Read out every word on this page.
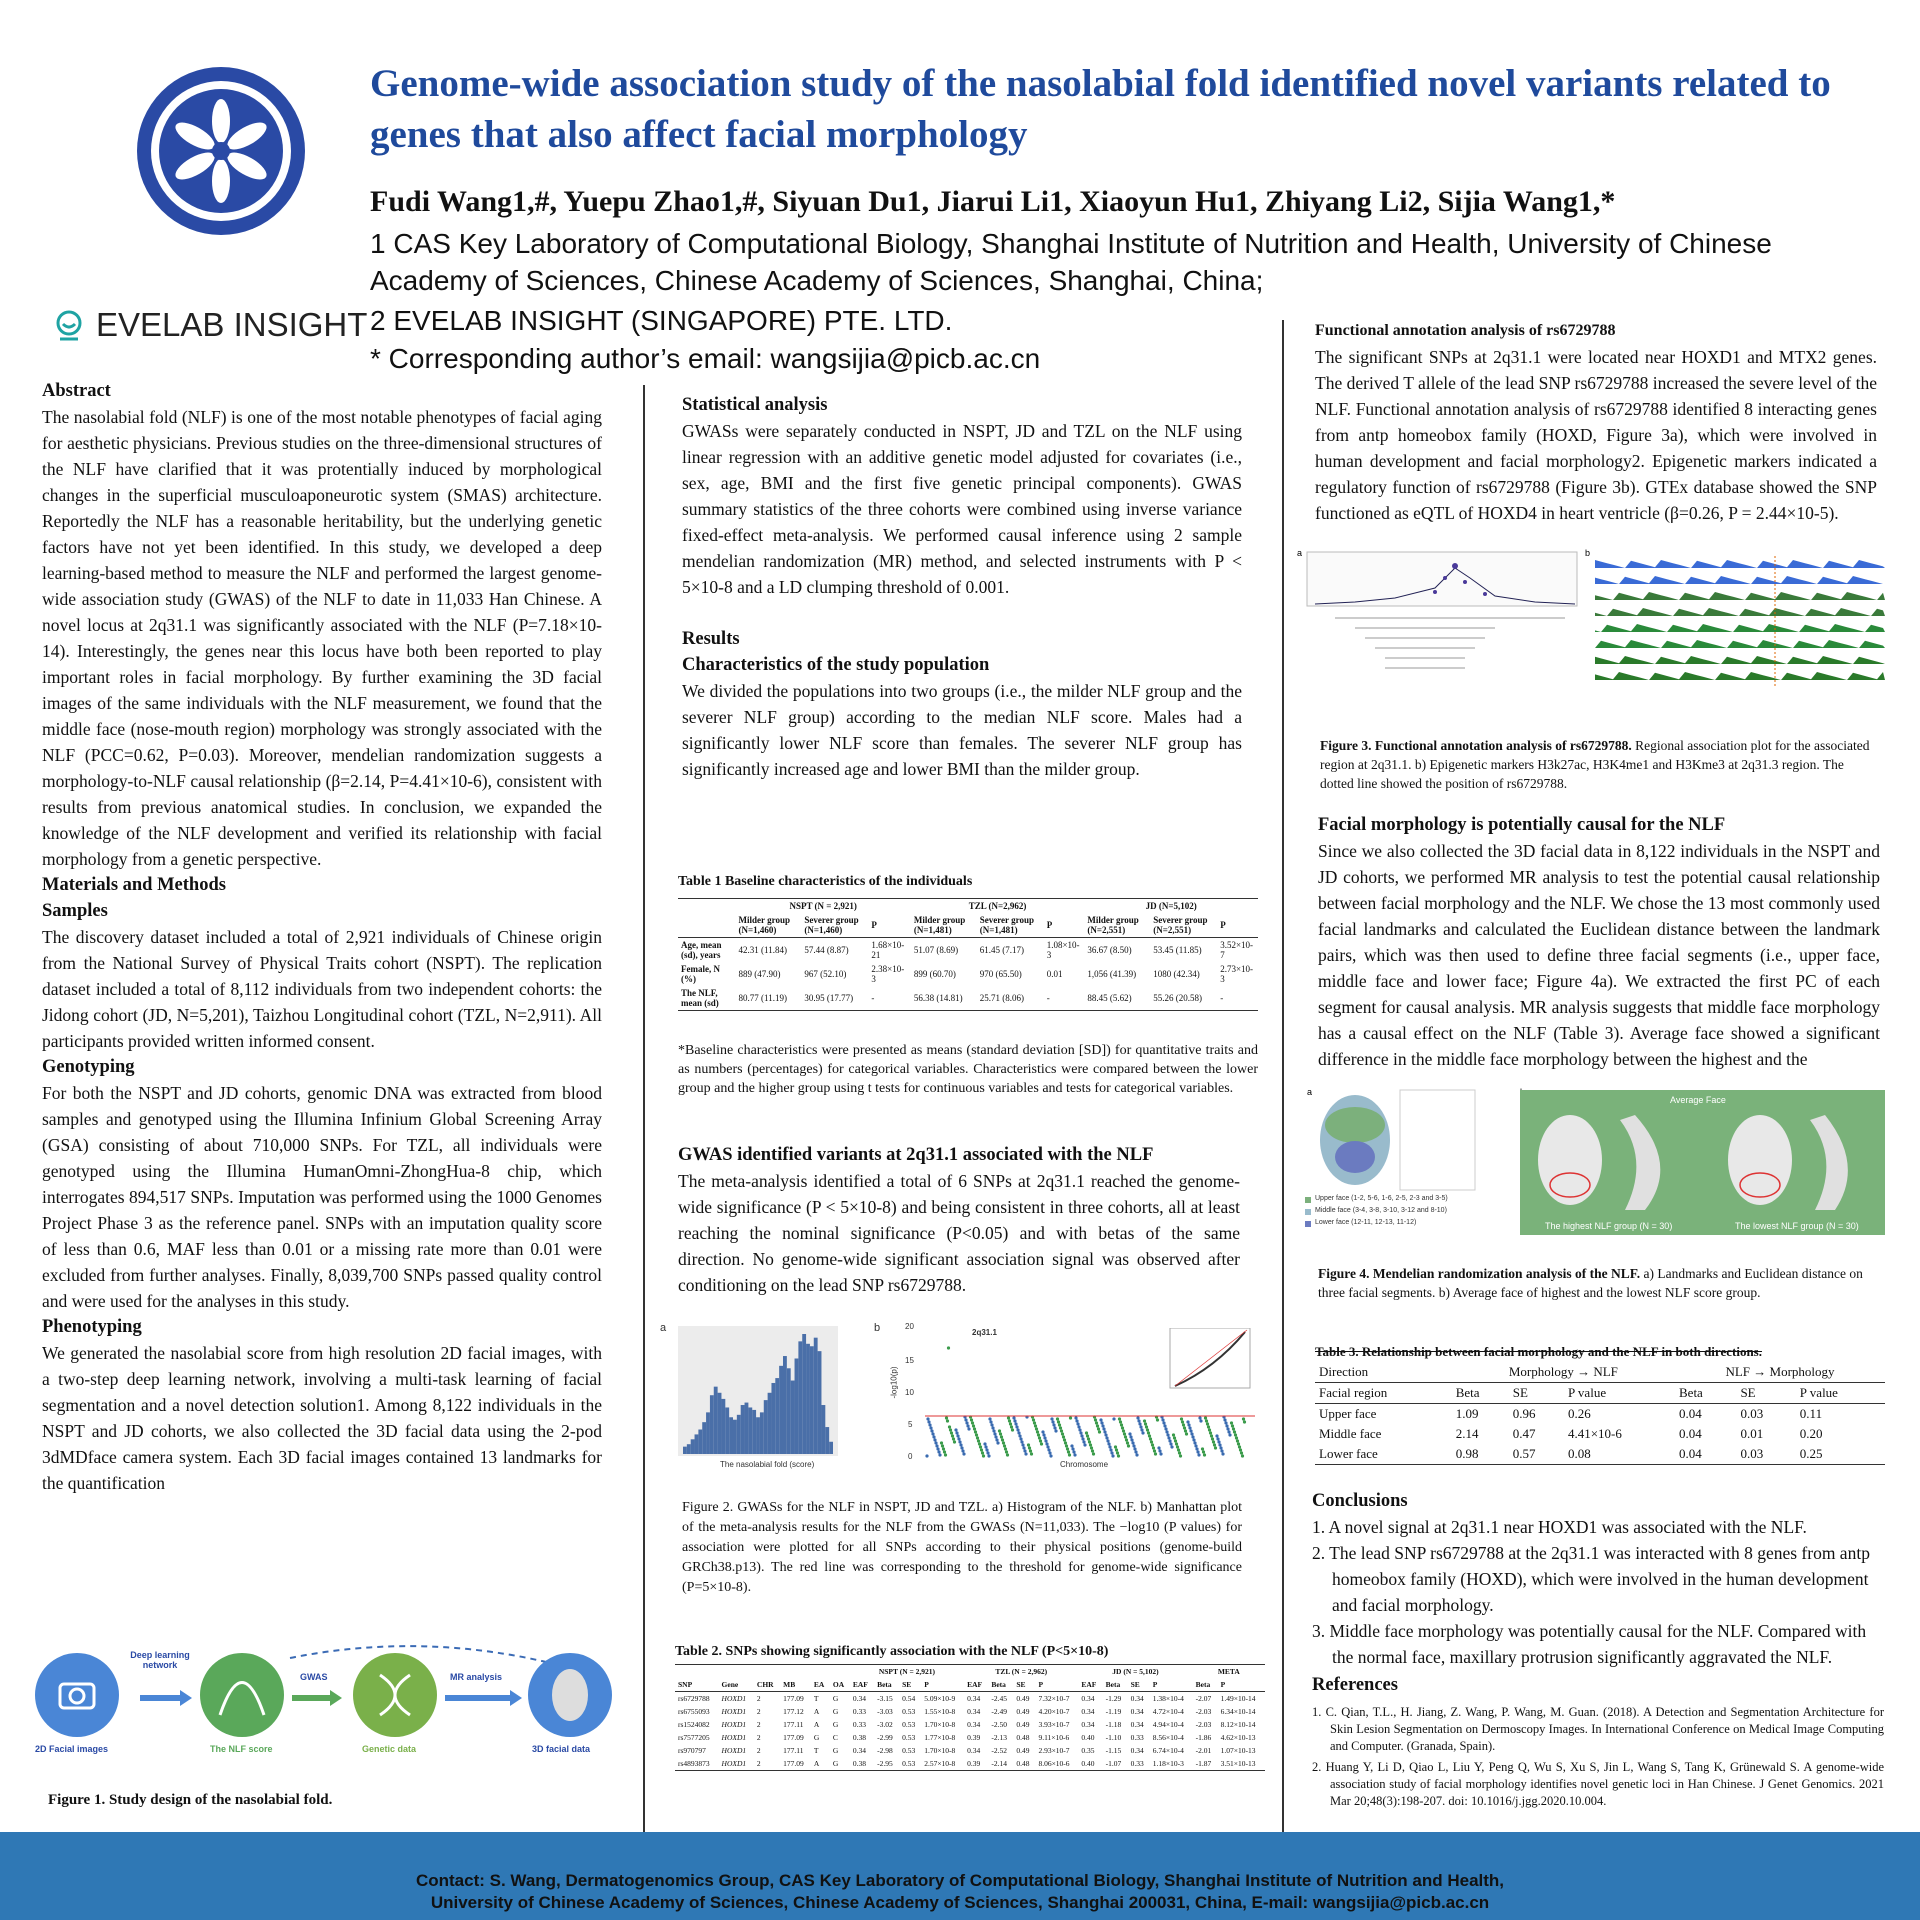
EVELAB INSIGHT
Genome-wide association study of the nasolabial fold identified novel variants related to genes that also affect facial morphology
Fudi Wang1,#, Yuepu Zhao1,#, Siyuan Du1, Jiarui Li1, Xiaoyun Hu1, Zhiyang Li2, Sijia Wang1,*
1 CAS Key Laboratory of Computational Biology, Shanghai Institute of Nutrition and Health, University of Chinese Academy of Sciences, Chinese Academy of Sciences, Shanghai, China;
2 EVELAB INSIGHT (SINGAPORE) PTE. LTD.
* Corresponding author’s email: wangsijia@picb.ac.cn

Abstract

The nasolabial fold (NLF) is one of the most notable phenotypes of facial aging for aesthetic physicians. Previous studies on the three-dimensional structures of the NLF have clarified that it was protentially induced by morphological changes in the superficial musculoaponeurotic system (SMAS) architecture. Reportedly the NLF has a reasonable heritability, but the underlying genetic factors have not yet been identified. In this study, we developed a deep learning-based method to measure the NLF and performed the largest genome-wide association study (GWAS) of the NLF to date in 11,033 Han Chinese. A novel locus at 2q31.1 was significantly associated with the NLF (P=7.18×10-14). Interestingly, the genes near this locus have both been reported to play important roles in facial morphology. By further examining the 3D facial images of the same individuals with the NLF measurement, we found that the middle face (nose-mouth region) morphology was strongly associated with the NLF (PCC=0.62, P=0.03). Moreover, mendelian randomization suggests a morphology-to-NLF causal relationship (β=2.14, P=4.41×10-6), consistent with results from previous anatomical studies. In conclusion, we expanded the knowledge of the NLF development and verified its relationship with facial morphology from a genetic perspective.

Materials and Methods

Samples

The discovery dataset included a total of 2,921 individuals of Chinese origin from the National Survey of Physical Traits cohort (NSPT). The replication dataset included a total of 8,112 individuals from two independent cohorts: the Jidong cohort (JD, N=5,201), Taizhou Longitudinal cohort (TZL, N=2,911). All participants provided written informed consent.

Genotyping

For both the NSPT and JD cohorts, genomic DNA was extracted from blood samples and genotyped using the Illumina Infinium Global Screening Array (GSA) consisting of about 710,000 SNPs. For TZL, all individuals were genotyped using the Illumina HumanOmni-ZhongHua-8 chip, which interrogates 894,517 SNPs. Imputation was performed using the 1000 Genomes Project Phase 3 as the reference panel. SNPs with an imputation quality score of less than 0.6, MAF less than 0.01 or a missing rate more than 0.01 were excluded from further analyses. Finally, 8,039,700 SNPs passed quality control and were used for the analyses in this study.

Phenotyping

We generated the nasolabial score from high resolution 2D facial images, with a two-step deep learning network, involving a multi-task learning of facial segmentation and a novel detection solution1. Among 8,122 individuals in the NSPT and JD cohorts, we also collected the 3D facial data using the 2-pod 3dMDface camera system. Each 3D facial images contained 13 landmarks for the quantification

Deep learning network
GWAS	MR analysis
2D Facial images	The NLF score	Genetic data	3D facial data
Figure 1. Study design of the nasolabial fold.

Statistical analysis

GWASs were separately conducted in NSPT, JD and TZL on the NLF using linear regression with an additive genetic model adjusted for covariates (i.e., sex, age, BMI and the first five genetic principal components). GWAS summary statistics of the three cohorts were combined using inverse variance fixed-effect meta-analysis. We performed causal inference using 2 sample mendelian randomization (MR) method, and selected instruments with P < 5×10-8 and a LD clumping threshold of 0.001.

Results

Characteristics of the study population

We divided the populations into two groups (i.e., the milder NLF group and the severer NLF group) according to the median NLF score. Males had a significantly lower NLF score than females. The severer NLF group has significantly increased age and lower BMI than the milder group.

Table 1 Baseline characteristics of the individuals
	NSPT (N = 2,921)			TZL (N=2,962)			JD (N=5,102)		
	Milder group (N=1,460)	Severer group (N=1,460)	P	Milder group (N=1,481)	Severer group (N=1,481)	P	Milder group (N=2,551)	Severer group (N=2,551)	P
Age, mean (sd), years	42.31 (11.84)	57.44 (8.87)	1.68×10-21	51.07 (8.69)	61.45 (7.17)	1.08×10-3	36.67 (8.50)	53.45 (11.85)	3.52×10-7
Female, N (%)	889 (47.90)	967 (52.10)	2.38×10-3	899 (60.70)	970 (65.50)	0.01	1,056 (41.39)	1080 (42.34)	2.73×10-3
The NLF, mean (sd)	80.77 (11.19)	30.95 (17.77)	-	56.38 (14.81)	25.71 (8.06)	-	88.45 (5.62)	55.26 (20.58)	-
*Baseline characteristics were presented as means (standard deviation [SD]) for quantitative traits and as numbers (percentages) for categorical variables. Characteristics were compared between the lower group and the higher group using t tests for continuous variables and tests for categorical variables.

GWAS identified variants at 2q31.1 associated with the NLF

The meta-analysis identified a total of 6 SNPs at 2q31.1 reached the genome-wide significance (P < 5×10-8) and being consistent in three cohorts, all at least reaching the nominal significance (P<0.05) and with betas of the same direction. No genome-wide significant association signal was observed after conditioning on the lead SNP rs6729788.

a
The nasolabial fold (score)
b	20
15
10
5
0
2q31.1
-log10(p)
Chromosome
Figure 2. GWASs for the NLF in NSPT, JD and TZL. a) Histogram of the NLF. b) Manhattan plot of the meta-analysis results for the NLF from the GWASs (N=11,033). The −log10 (P values) for association were plotted for all SNPs according to their physical positions (genome-build GRCh38.p13). The red line was corresponding to the threshold for genome-wide significance (P=5×10-8).
Table 2. SNPs showing significantly association with the NLF (P<5×10-8)
						NSPT (N = 2,921)				TZL (N = 2,962)				JD (N = 5,102)				META	
SNP	Gene	CHR	MB	EA	OA	EAF	Beta	SE	P	EAF	Beta	SE	P	EAF	Beta	SE	P	Beta	P
rs6729788	HOXD1	2	177.09	T	G	0.34	-3.15	0.54	5.09×10-9	0.34	-2.45	0.49	7.32×10-7	0.34	-1.29	0.34	1.38×10-4	-2.07	1.49×10-14
rs6755093	HOXD1	2	177.12	A	G	0.33	-3.03	0.53	1.55×10-8	0.34	-2.49	0.49	4.20×10-7	0.34	-1.19	0.34	4.72×10-4	-2.03	6.34×10-14
rs1524082	HOXD1	2	177.11	A	G	0.33	-3.02	0.53	1.70×10-8	0.34	-2.50	0.49	3.93×10-7	0.34	-1.18	0.34	4.94×10-4	-2.03	8.12×10-14
rs7577205	HOXD1	2	177.09	G	C	0.38	-2.99	0.53	1.77×10-8	0.39	-2.13	0.48	9.11×10-6	0.40	-1.10	0.33	8.56×10-4	-1.86	4.62×10-13
rs970797	HOXD1	2	177.11	T	G	0.34	-2.98	0.53	1.70×10-8	0.34	-2.52	0.49	2.93×10-7	0.35	-1.15	0.34	6.74×10-4	-2.01	1.07×10-13
rs4893873	HOXD1	2	177.09	A	G	0.38	-2.95	0.53	2.57×10-8	0.39	-2.14	0.48	8.06×10-6	0.40	-1.07	0.33	1.18×10-3	-1.87	3.51×10-13

Functional annotation analysis of rs6729788

The significant SNPs at 2q31.1 were located near HOXD1 and MTX2 genes. The derived T allele of the lead SNP rs6729788 increased the severe level of the NLF. Functional annotation analysis of rs6729788 identified 8 interacting genes from antp homeobox family (HOXD, Figure 3a), which were involved in human development and facial morphology2. Epigenetic markers indicated a regulatory function of rs6729788 (Figure 3b). GTEx database showed the SNP functioned as eQTL of HOXD4 in heart ventricle (β=0.26, P = 2.44×10-5).

a	b
Figure 3. Functional annotation analysis of rs6729788. Regional association plot for the associated region at 2q31.1. b) Epigenetic markers H3k27ac, H3K4me1 and H3Kme3 at 2q31.3 region. The dotted line showed the position of rs6729788.

Facial morphology is potentially causal for the NLF

Since we also collected the 3D facial data in 8,122 individuals in the NSPT and JD cohorts, we performed MR analysis to test the potential causal relationship between facial morphology and the NLF. We chose the 13 most commonly used facial landmarks and calculated the Euclidean distance between the landmark pairs, which was then used to define three facial segments (i.e., upper face, middle face and lower face; Figure 4a). We extracted the first PC of each segment for causal analysis. MR analysis suggests that middle face morphology has a causal effect on the NLF (Table 3). Average face showed a significant difference in the middle face morphology between the highest and the

a
Average Face
The highest NLF group (N = 30)	The lowest NLF group (N = 30)
Upper face (1-2, 5-6, 1-6, 2-5, 2-3 and 3-5)
Middle face (3-4, 3-8, 3-10, 3-12 and 8-10)
Lower face (12-11, 12-13, 11-12)
Figure 4. Mendelian randomization analysis of the NLF. a) Landmarks and Euclidean distance on three facial segments. b) Average face of highest and the lowest NLF score group.
Table 3. Relationship between facial morphology and the NLF in both directions.
Direction	Morphology → NLF			NLF → Morphology		
Facial region	Beta	SE	P value	Beta	SE	P value
Upper face	1.09	0.96	0.26	0.04	0.03	0.11
Middle face	2.14	0.47	4.41×10-6	0.04	0.01	0.20
Lower face	0.98	0.57	0.08	0.04	0.03	0.25

Conclusions

1. A novel signal at 2q31.1 near HOXD1 was associated with the NLF.

2. The lead SNP rs6729788 at the 2q31.1 was interacted with 8 genes from antp homeobox family (HOXD), which were involved in the human development and facial morphology.

3. Middle face morphology was potentially causal for the NLF. Compared with the normal face, maxillary protrusion significantly aggravated the NLF.

References

1. C. Qian, T.L., H. Jiang, Z. Wang, P. Wang, M. Guan. (2018). A Detection and Segmentation Architecture for Skin Lesion Segmentation on Dermoscopy Images. In International Conference on Medical Image Computing and Computer. (Granada, Spain).

2. Huang Y, Li D, Qiao L, Liu Y, Peng Q, Wu S, Xu S, Jin L, Wang S, Tang K, Grünewald S. A genome-wide association study of facial morphology identifies novel genetic loci in Han Chinese. J Genet Genomics. 2021 Mar 20;48(3):198-207. doi: 10.1016/j.jgg.2020.10.004.

Contact: S. Wang, Dermatogenomics Group, CAS Key Laboratory of Computational Biology, Shanghai Institute of Nutrition and Health,
University of Chinese Academy of Sciences, Chinese Academy of Sciences, Shanghai 200031, China, E-mail: wangsijia@picb.ac.cn
